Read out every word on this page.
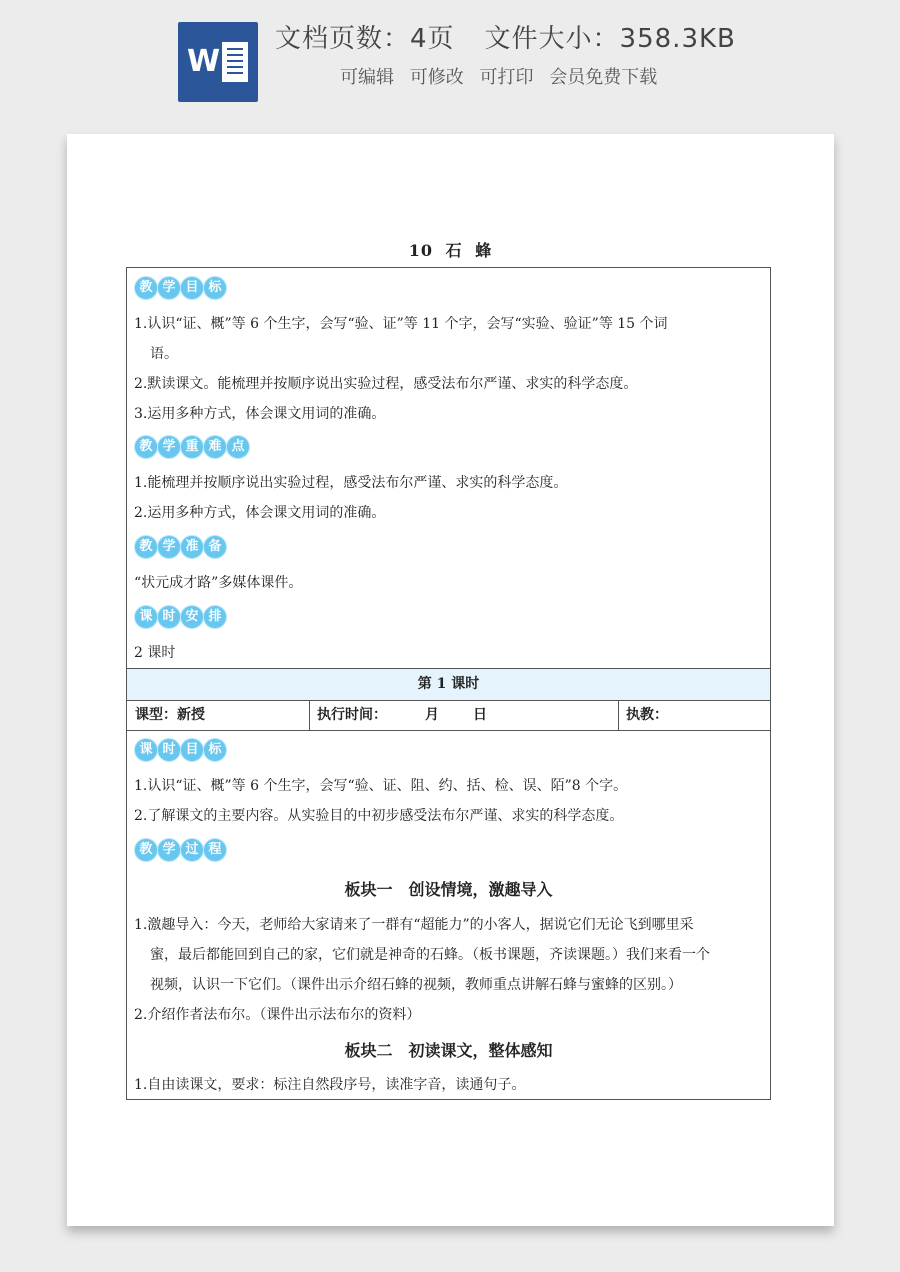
W
文档页数：4页 文件大小：358.3KB
可编辑 可修改 可打印 会员免费下载
10 石 蜂
教 学 目 标
1.认识“证、概”等 6 个生字，会写“验、证”等 11 个字，会写“实验、验证”等 15 个词
语。
2.默读课文。能梳理并按顺序说出实验过程，感受法布尔严谨、求实的科学态度。
3.运用多种方式，体会课文用词的准确。
教 学 重 难 点
1.能梳理并按顺序说出实验过程，感受法布尔严谨、求实的科学态度。
2.运用多种方式，体会课文用词的准确。
教 学 准 备
“状元成才路”多媒体课件。
课 时 安 排
2 课时
第 1 课时
课型：新授	执行时间：	月 日	执教：
课 时 目 标
1.认识“证、概”等 6 个生字，会写“验、证、阻、约、括、检、误、陌”8 个字。
2.了解课文的主要内容。从实验目的中初步感受法布尔严谨、求实的科学态度。
教 学 过 程
板块一　创设情境，激趣导入
1.激趣导入：今天，老师给大家请来了一群有“超能力”的小客人，据说它们无论飞到哪里采
蜜，最后都能回到自己的家，它们就是神奇的石蜂。（板书课题，齐读课题。）我们来看一个
视频，认识一下它们。（课件出示介绍石蜂的视频，教师重点讲解石蜂与蜜蜂的区别。）
2.介绍作者法布尔。（课件出示法布尔的资料）
板块二　初读课文，整体感知
1.自由读课文，要求：标注自然段序号，读准字音，读通句子。
